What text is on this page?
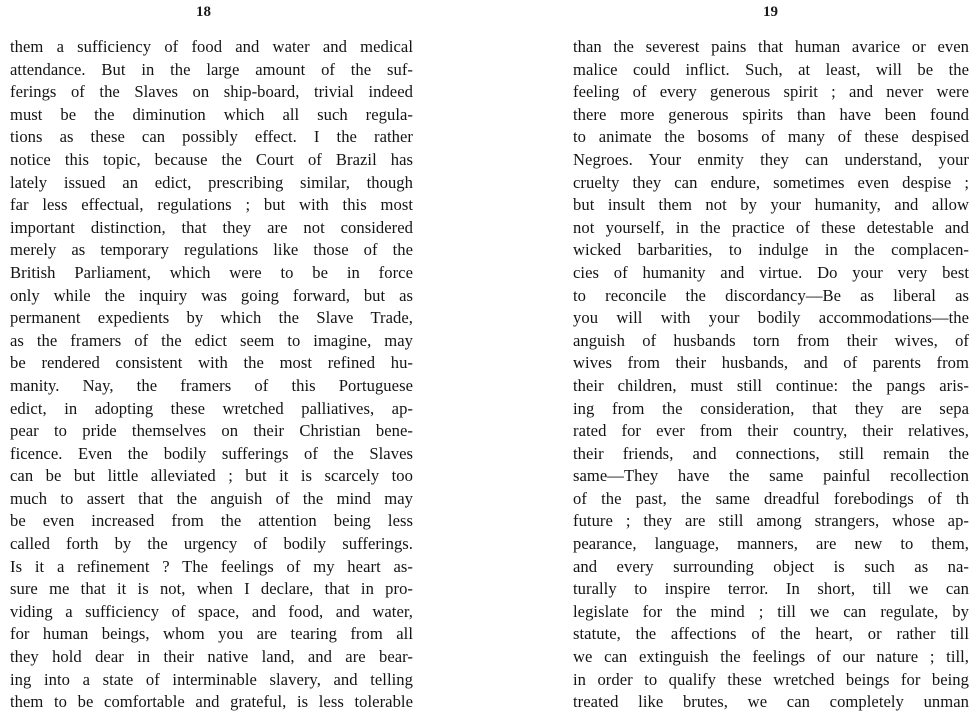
18
them a sufficiency of food and water and medical
attendance. But in the large amount of the suf-
ferings of the Slaves on ship-board, trivial indeed
must be the diminution which all such regula-
tions as these can possibly effect. I the rather
notice this topic, because the Court of Brazil has
lately issued an edict, prescribing similar, though
far less effectual, regulations ; but with this most
important distinction, that they are not considered
merely as temporary regulations like those of the
British Parliament, which were to be in force
only while the inquiry was going forward, but as
permanent expedients by which the Slave Trade,
as the framers of the edict seem to imagine, may
be rendered consistent with the most refined hu-
manity. Nay, the framers of this Portuguese
edict, in adopting these wretched palliatives, ap-
pear to pride themselves on their Christian bene-
ficence. Even the bodily sufferings of the Slaves
can be but little alleviated ; but it is scarcely too
much to assert that the anguish of the mind may
be even increased from the attention being less
called forth by the urgency of bodily sufferings.
Is it a refinement ? The feelings of my heart as-
sure me that it is not, when I declare, that in pro-
viding a sufficiency of space, and food, and water,
for human beings, whom you are tearing from all
they hold dear in their native land, and are bear-
ing into a state of interminable slavery, and telling
them to be comfortable and grateful, is less tolerable
19
than the severest pains that human avarice or even
malice could inflict. Such, at least, will be the
feeling of every generous spirit ; and never were
there more generous spirits than have been found
to animate the bosoms of many of these despised
Negroes. Your enmity they can understand, your
cruelty they can endure, sometimes even despise ;
but insult them not by your humanity, and allow
not yourself, in the practice of these detestable and
wicked barbarities, to indulge in the complacen-
cies of humanity and virtue. Do your very best
to reconcile the discordancy—Be as liberal as
you will with your bodily accommodations—the
anguish of husbands torn from their wives, of
wives from their husbands, and of parents from
their children, must still continue: the pangs aris-
ing from the consideration, that they are sepa
rated for ever from their country, their relatives,
their friends, and connections, still remain the
same—They have the same painful recollection
of the past, the same dreadful forebodings of th
future ; they are still among strangers, whose ap-
pearance, language, manners, are new to them,
and every surrounding object is such as na-
turally to inspire terror. In short, till we can
legislate for the mind ; till we can regulate, by
statute, the affections of the heart, or rather till
we can extinguish the feelings of our nature ; till,
in order to qualify these wretched beings for being
treated like brutes, we can completely unman
